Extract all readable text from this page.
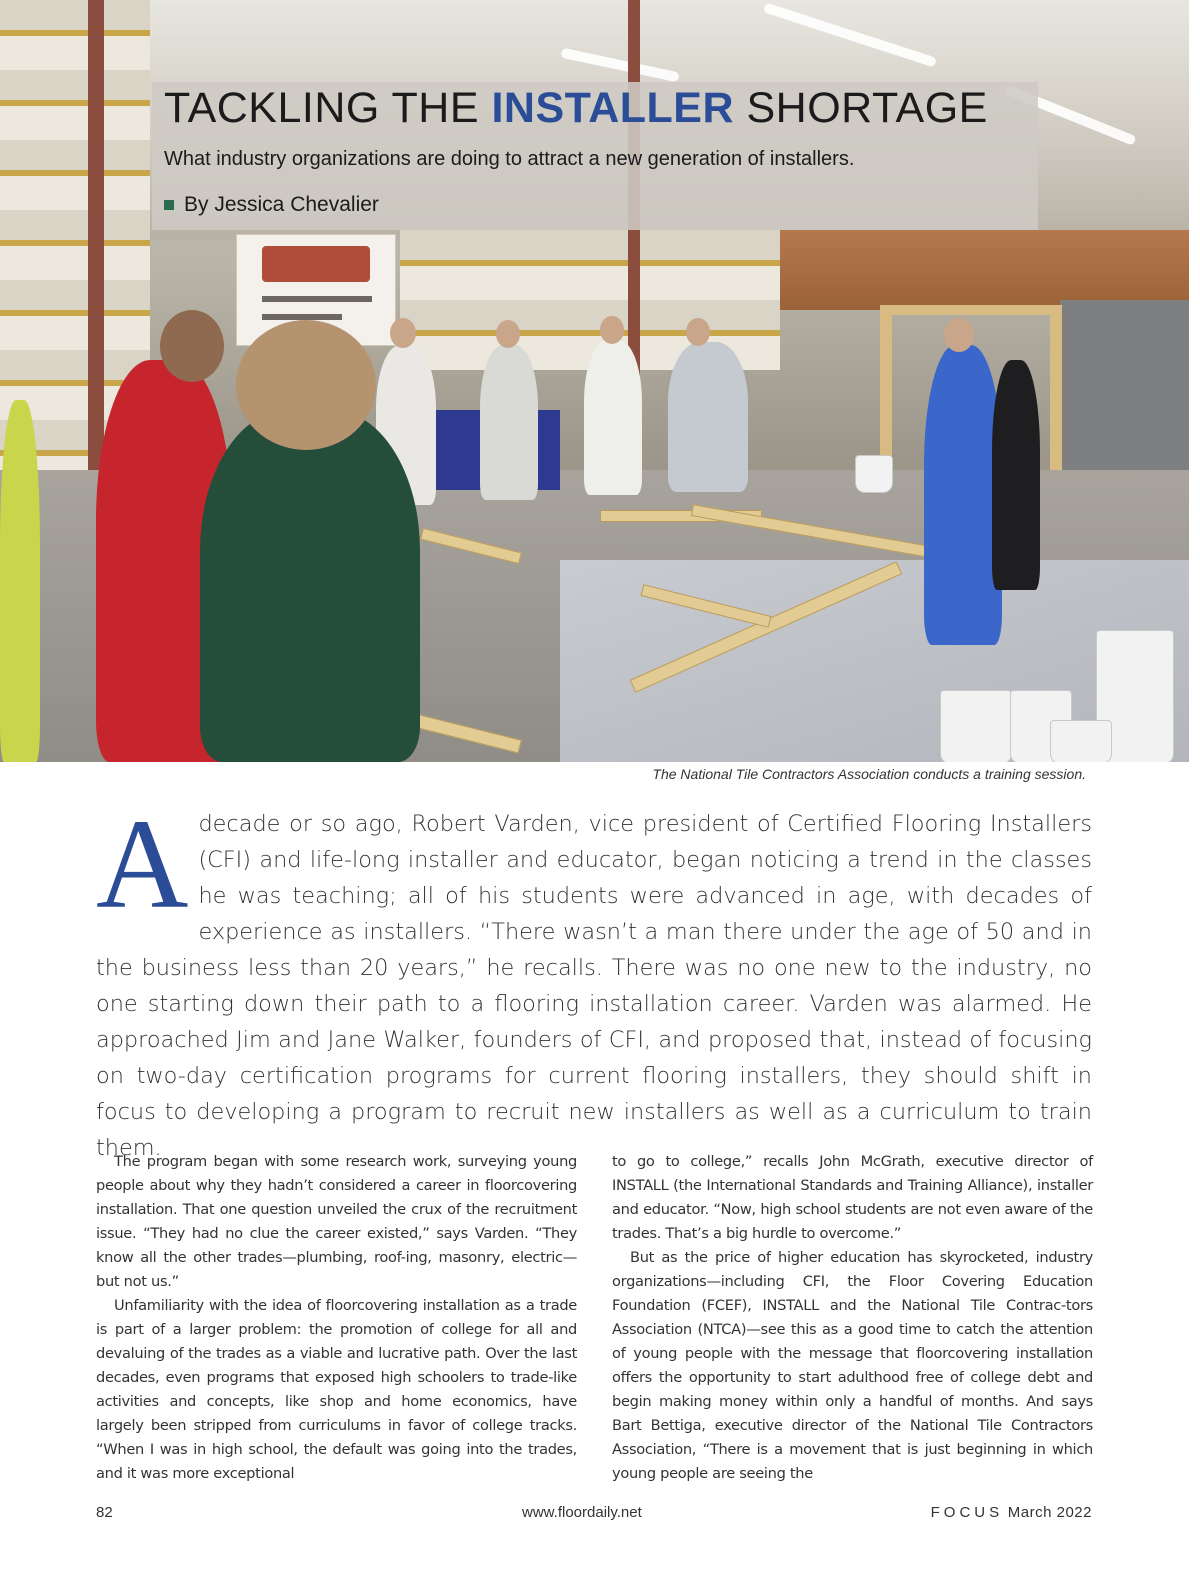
TACKLING THE INSTALLER SHORTAGE
What industry organizations are doing to attract a new generation of installers.
By Jessica Chevalier
The National Tile Contractors Association conducts a training session.
A decade or so ago, Robert Varden, vice president of Certified Flooring Installers (CFI) and life-long installer and educator, began noticing a trend in the classes he was teaching; all of his students were advanced in age, with decades of experience as installers. “There wasn’t a man there under the age of 50 and in the business less than 20 years,” he recalls. There was no one new to the industry, no one starting down their path to a flooring installation career. Varden was alarmed. He approached Jim and Jane Walker, founders of CFI, and proposed that, instead of focusing on two-day certification programs for current flooring installers, they should shift in focus to developing a program to recruit new installers as well as a curriculum to train them.

The program began with some research work, surveying young people about why they hadn’t considered a career in floorcovering installation. That one question unveiled the crux of the recruitment issue. “They had no clue the career existed,” says Varden. “They know all the other trades—plumbing, roof-ing, masonry, electric—but not us.”

Unfamiliarity with the idea of floorcovering installation as a trade is part of a larger problem: the promotion of college for all and devaluing of the trades as a viable and lucrative path. Over the last decades, even programs that exposed high schoolers to trade-like activities and concepts, like shop and home economics, have largely been stripped from curriculums in favor of college tracks. “When I was in high school, the default was going into the trades, and it was more exceptional

to go to college,” recalls John McGrath, executive director of INSTALL (the International Standards and Training Alliance), installer and educator. “Now, high school students are not even aware of the trades. That’s a big hurdle to overcome.”

But as the price of higher education has skyrocketed, industry organizations—including CFI, the Floor Covering Education Foundation (FCEF), INSTALL and the National Tile Contrac-tors Association (NTCA)—see this as a good time to catch the attention of young people with the message that floorcovering installation offers the opportunity to start adulthood free of college debt and begin making money within only a handful of months. And says Bart Bettiga, executive director of the National Tile Contractors Association, “There is a movement that is just beginning in which young people are seeing the

82	www.floordaily.net	FOCUS March 2022
